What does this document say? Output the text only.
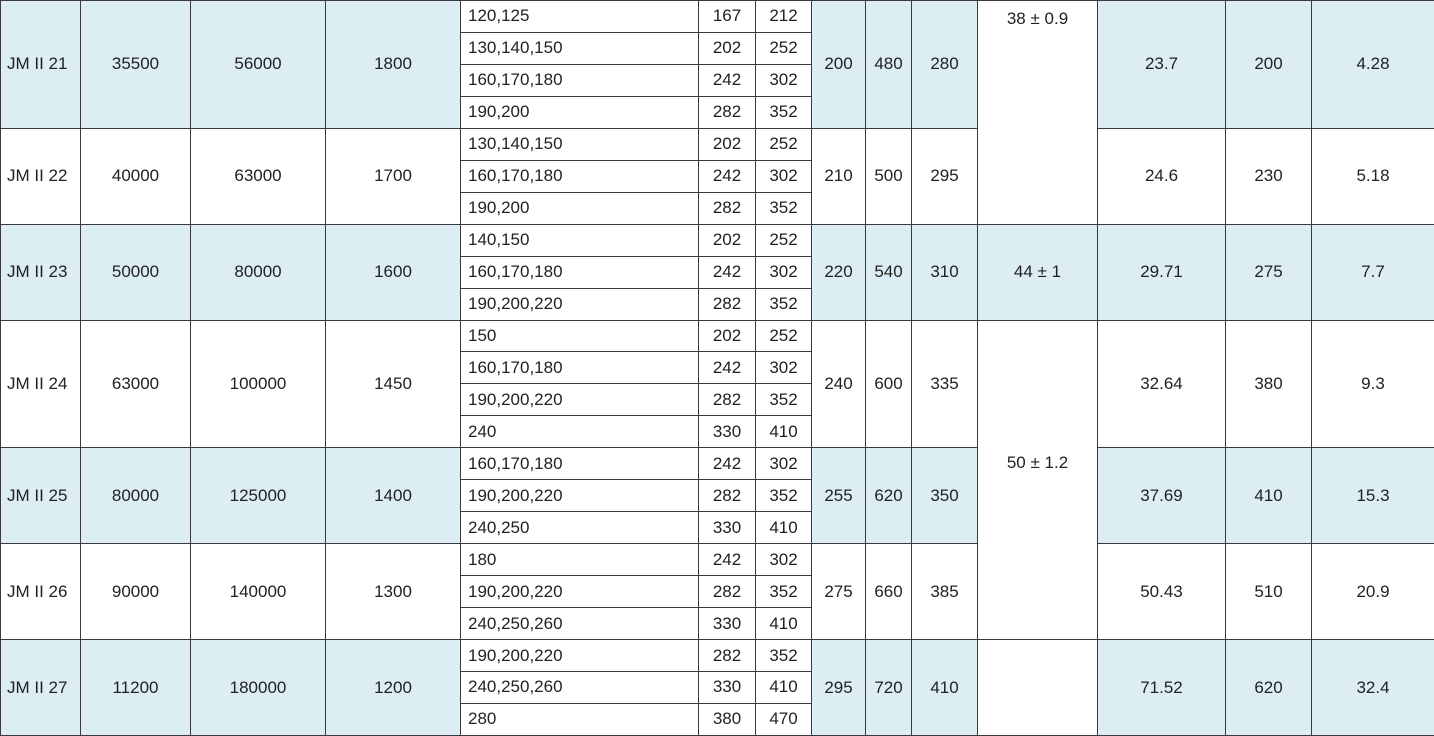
JM II 21	35500	56000	1800	120,125	167	212	200	480	280	38 ± 0.9	23.7	200	4.28
				130,140,150	202	252							
				160,170,180	242	302							
				190,200	282	352							
JM II 22	40000	63000	1700	130,140,150	202	252	210	500	295		24.6	230	5.18
				160,170,180	242	302							
				190,200	282	352							
JM II 23	50000	80000	1600	140,150	202	252	220	540	310	44 ± 1	29.71	275	7.7
				160,170,180	242	302							
				190,200,220	282	352							
JM II 24	63000	100000	1450	150	202	252	240	600	335	50 ± 1.2	32.64	380	9.3
				160,170,180	242	302							
				190,200,220	282	352							
				240	330	410							
JM II 25	80000	125000	1400	160,170,180	242	302	255	620	350		37.69	410	15.3
				190,200,220	282	352							
				240,250	330	410							
JM II 26	90000	140000	1300	180	242	302	275	660	385		50.43	510	20.9
				190,200,220	282	352							
				240,250,260	330	410							
JM II 27	11200	180000	1200	190,200,220	282	352	295	720	410		71.52	620	32.4
				240,250,260	330	410							
				280	380	470							
